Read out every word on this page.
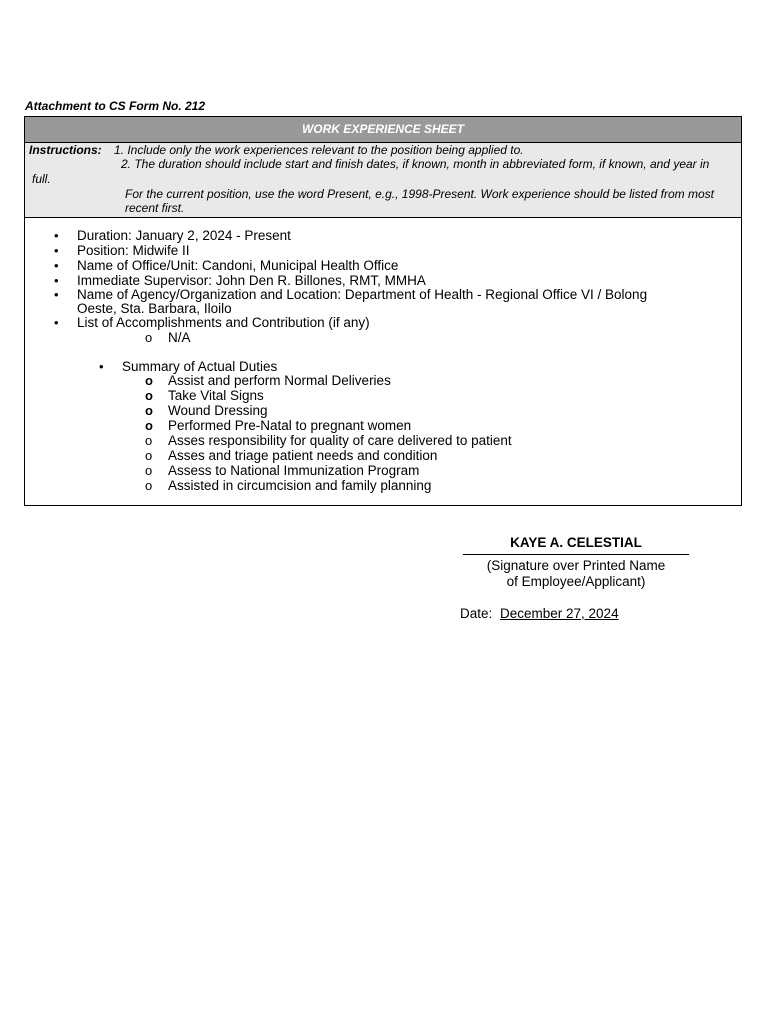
Attachment to CS Form No. 212
WORK EXPERIENCE SHEET
Instructions: 1. Include only the work experiences relevant to the position being applied to.
2. The duration should include start and finish dates, if known, month in abbreviated form, if known, and year in
full.
For the current position, use the word Present, e.g., 1998-Present. Work experience should be listed from most
recent first.
• Duration: January 2, 2024 - Present
• Position: Midwife II
• Name of Office/Unit: Candoni, Municipal Health Office
• Immediate Supervisor: John Den R. Billones, RMT, MMHA
• Name of Agency/Organization and Location: Department of Health - Regional Office VI / Bolong
Oeste, Sta. Barbara, Iloilo
• List of Accomplishments and Contribution (if any)
o N/A
• Summary of Actual Duties
o Assist and perform Normal Deliveries
o Take Vital Signs
o Wound Dressing
o Performed Pre-Natal to pregnant women
o Asses responsibility for quality of care delivered to patient
o Asses and triage patient needs and condition
o Assess to National Immunization Program
o Assisted in circumcision and family planning
KAYE A. CELESTIAL
(Signature over Printed Name
of Employee/Applicant)
Date: December 27, 2024
